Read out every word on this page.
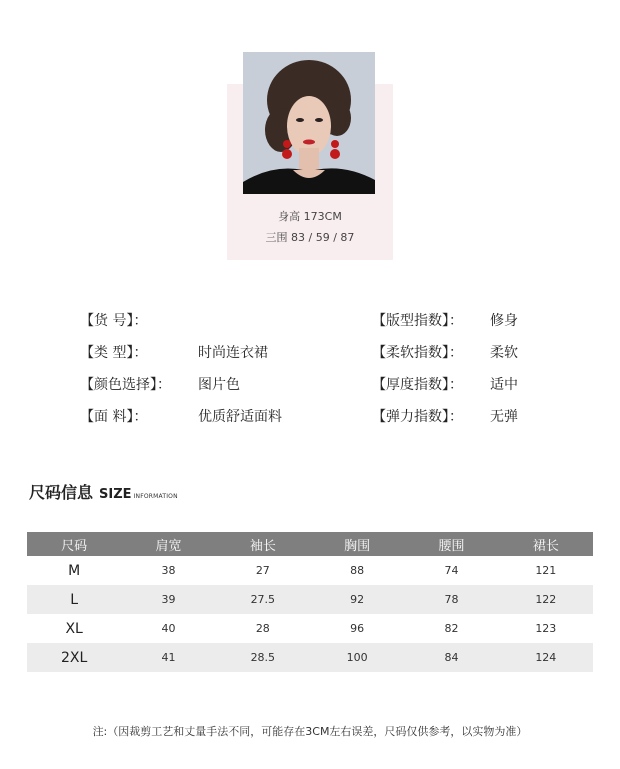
身高 173CM
三围 83 / 59 / 87
【货 号】：
【类 型】：	时尚连衣裙
【颜色选择】： 图片色
【面 料】：	优质舒适面料
【版型指数】： 修身
【柔软指数】： 柔软
【厚度指数】： 适中
【弹力指数】： 无弹
尺码信息 SIZE INFORMATION
尺码	肩宽	袖长	胸围	腰围	裙长
M	38	27	88	74	121
L	39	27.5	92	78	122
XL	40	28	96	82	123
2XL	41	28.5	100	84	124
注:（因裁剪工艺和丈量手法不同，可能存在3CM左右误差，尺码仅供参考，以实物为准）
